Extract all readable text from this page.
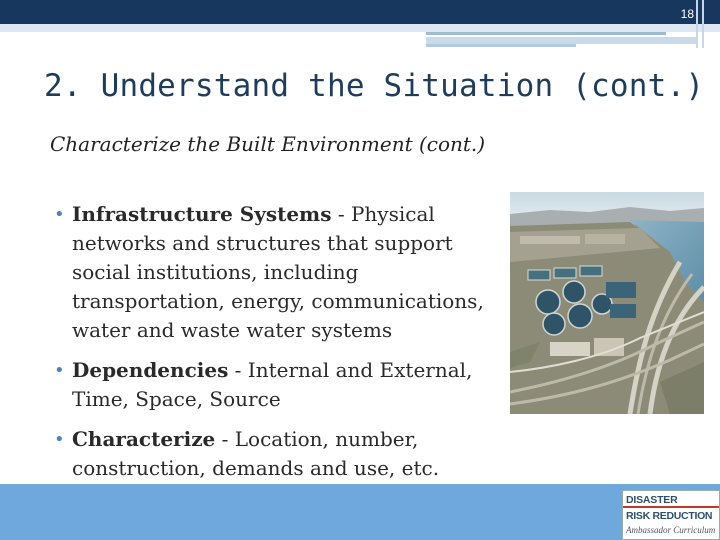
18
2. Understand the Situation (cont.)
Characterize the Built Environment (cont.)
• Infrastructure Systems - Physical networks and structures that support social institutions, including transportation, energy, communications, water and waste water systems
• Dependencies - Internal and External, Time, Space, Source
• Characterize - Location, number, construction, demands and use, etc.
DISASTER
RISK REDUCTION
Ambassador Curriculum
